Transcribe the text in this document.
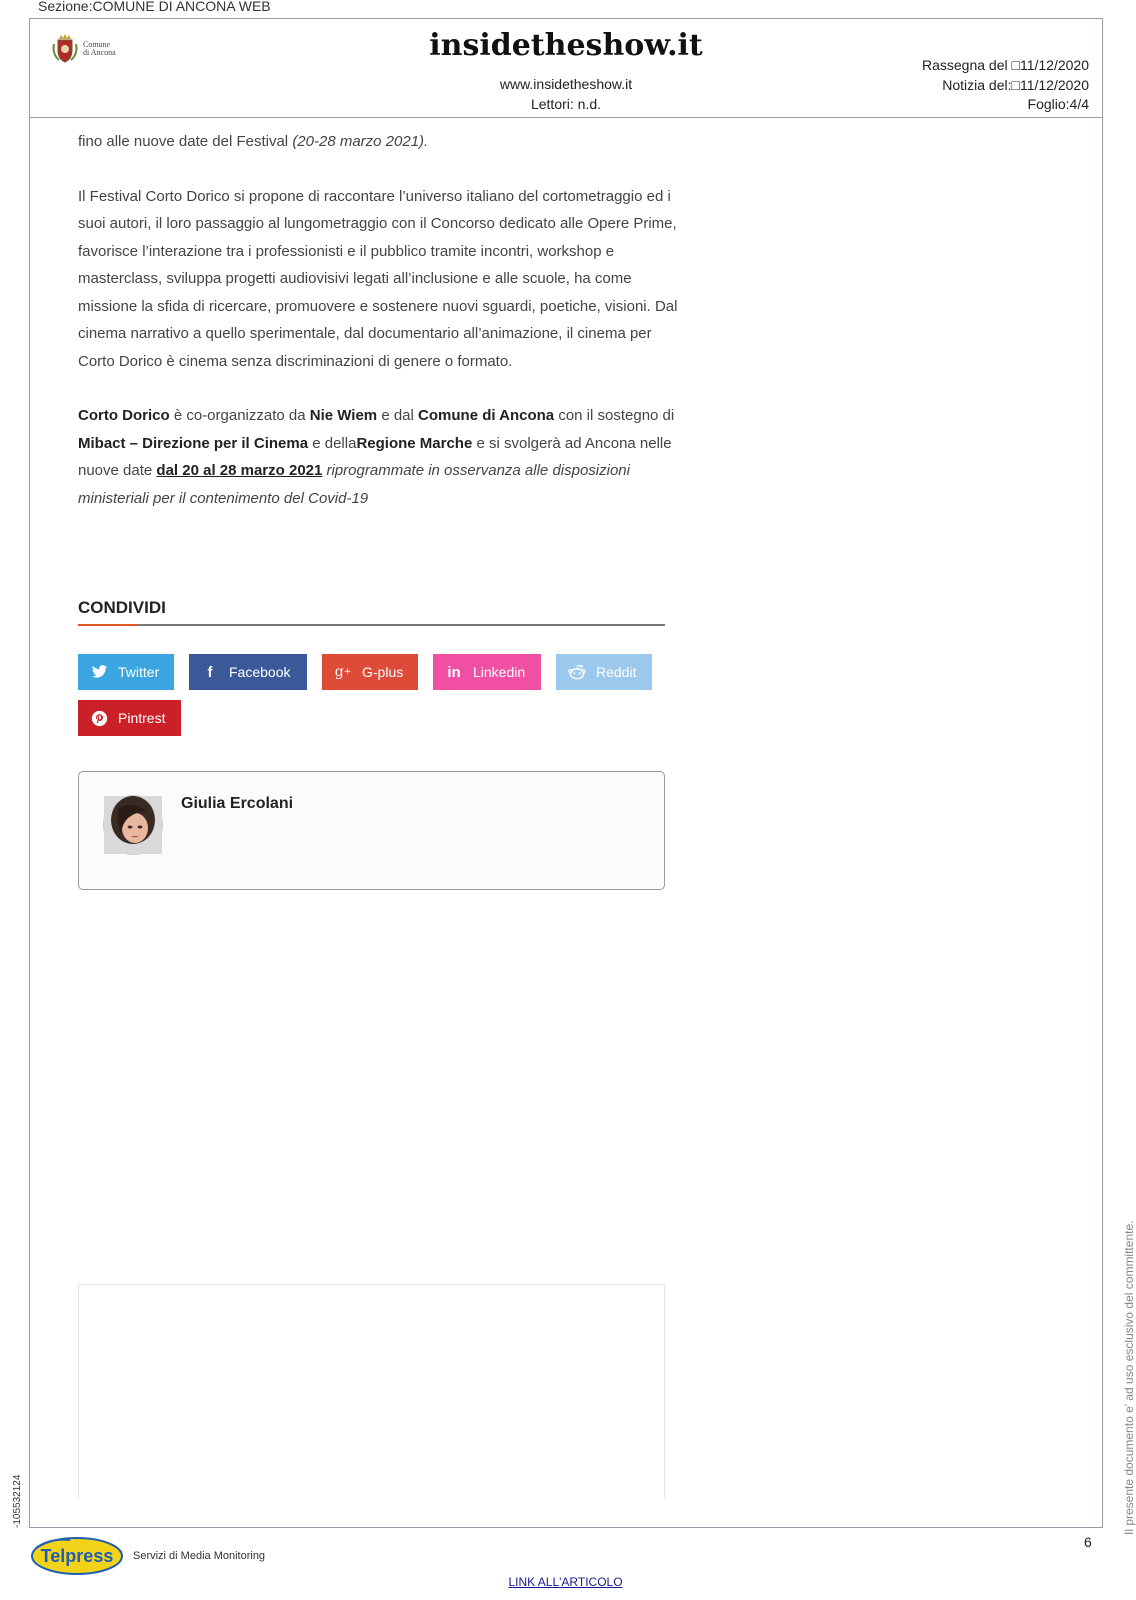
Sezione:COMUNE DI ANCONA WEB
Comune
di Ancona	insidetheshow.it
www.insidetheshow.it
Lettori: n.d.
Rassegna del □11/12/2020
Notizia del:□11/12/2020
Foglio:4/4

fino alle nuove date del Festival (20-28 marzo 2021).

Il Festival Corto Dorico si propone di raccontare l’universo italiano del cortometraggio ed i suoi autori, il loro passaggio al lungometraggio con il Concorso dedicato alle Opere Prime, favorisce l’interazione tra i professionisti e il pubblico tramite incontri, workshop e masterclass, sviluppa progetti audiovisivi legati all’inclusione e alle scuole, ha come missione la sfida di ricercare, promuovere e sostenere nuovi sguardi, poetiche, visioni. Dal cinema narrativo a quello sperimentale, dal documentario all’animazione, il cinema per Corto Dorico è cinema senza discriminazioni di genere o formato.

Corto Dorico è co-organizzato da Nie Wiem e dal Comune di Ancona con il sostegno di Mibact – Direzione per il Cinema e dellaRegione Marche e si svolgerà ad Ancona nelle nuove date dal 20 al 28 marzo 2021 riprogrammate in osservanza alle disposizioni ministeriali per il contenimento del Covid-19

CONDIVIDI
Twitter	f	Facebook	g + G-plus	in Linkedin	Reddit
Pintrest
Giulia Ercolani
Il presente documento e' ad uso esclusivo del committente.
-105532124
6
Telpress Servizi di Media Monitoring
LINK ALL'ARTICOLO
